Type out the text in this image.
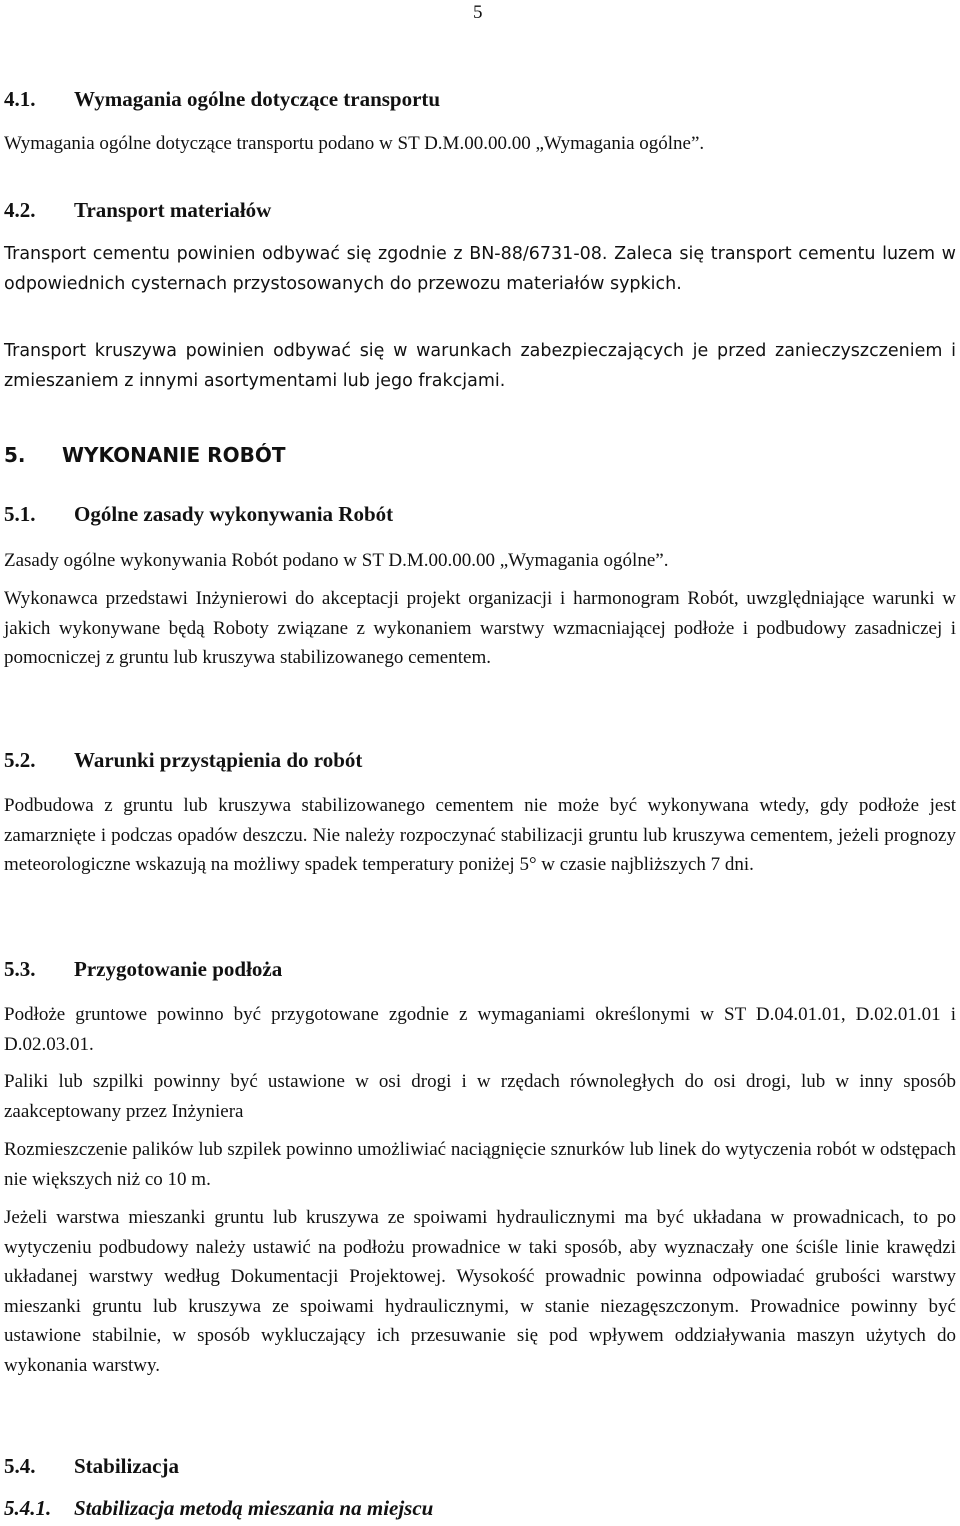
5
4.1. Wymagania ogólne dotyczące transportu
Wymagania ogólne dotyczące transportu podano w ST D.M.00.00.00 „Wymagania ogólne”.
4.2. Transport materiałów
Transport cementu powinien odbywać się zgodnie z BN-88/6731-08. Zaleca się transport cementu luzem w odpowiednich cysternach przystosowanych do przewozu materiałów sypkich.
Transport kruszywa powinien odbywać się w warunkach zabezpieczających je przed zanieczyszczeniem i zmieszaniem z innymi asortymentami lub jego frakcjami.
5. WYKONANIE ROBÓT
5.1. Ogólne zasady wykonywania Robót
Zasady ogólne wykonywania Robót podano w ST D.M.00.00.00 „Wymagania ogólne”.
Wykonawca przedstawi Inżynierowi do akceptacji projekt organizacji i harmonogram Robót, uwzględniające warunki w jakich wykonywane będą Roboty związane z wykonaniem warstwy wzmacniającej podłoże i podbudowy zasadniczej i pomocniczej z gruntu lub kruszywa stabilizowanego cementem.
5.2. Warunki przystąpienia do robót
Podbudowa z gruntu lub kruszywa stabilizowanego cementem nie może być wykonywana wtedy, gdy podłoże jest zamarznięte i podczas opadów deszczu. Nie należy rozpoczynać stabilizacji gruntu lub kruszywa cementem, jeżeli prognozy meteorologiczne wskazują na możliwy spadek temperatury poniżej 5° w czasie najbliższych 7 dni.
5.3. Przygotowanie podłoża
Podłoże gruntowe powinno być przygotowane zgodnie z wymaganiami określonymi w ST D.04.01.01, D.02.01.01 i D.02.03.01.
Paliki lub szpilki powinny być ustawione w osi drogi i w rzędach równoległych do osi drogi, lub w inny sposób zaakceptowany przez Inżyniera
Rozmieszczenie palików lub szpilek powinno umożliwiać naciągnięcie sznurków lub linek do wytyczenia robót w odstępach nie większych niż co 10 m.
Jeżeli warstwa mieszanki gruntu lub kruszywa ze spoiwami hydraulicznymi ma być układana w prowadnicach, to po wytyczeniu podbudowy należy ustawić na podłożu prowadnice w taki sposób, aby wyznaczały one ściśle linie krawędzi układanej warstwy według Dokumentacji Projektowej. Wysokość prowadnic powinna odpowiadać grubości warstwy mieszanki gruntu lub kruszywa ze spoiwami hydraulicznymi, w stanie niezagęszczonym. Prowadnice powinny być ustawione stabilnie, w sposób wykluczający ich przesuwanie się pod wpływem oddziaływania maszyn użytych do wykonania warstwy.
5.4. Stabilizacja
5.4.1. Stabilizacja metodą mieszania na miejscu
